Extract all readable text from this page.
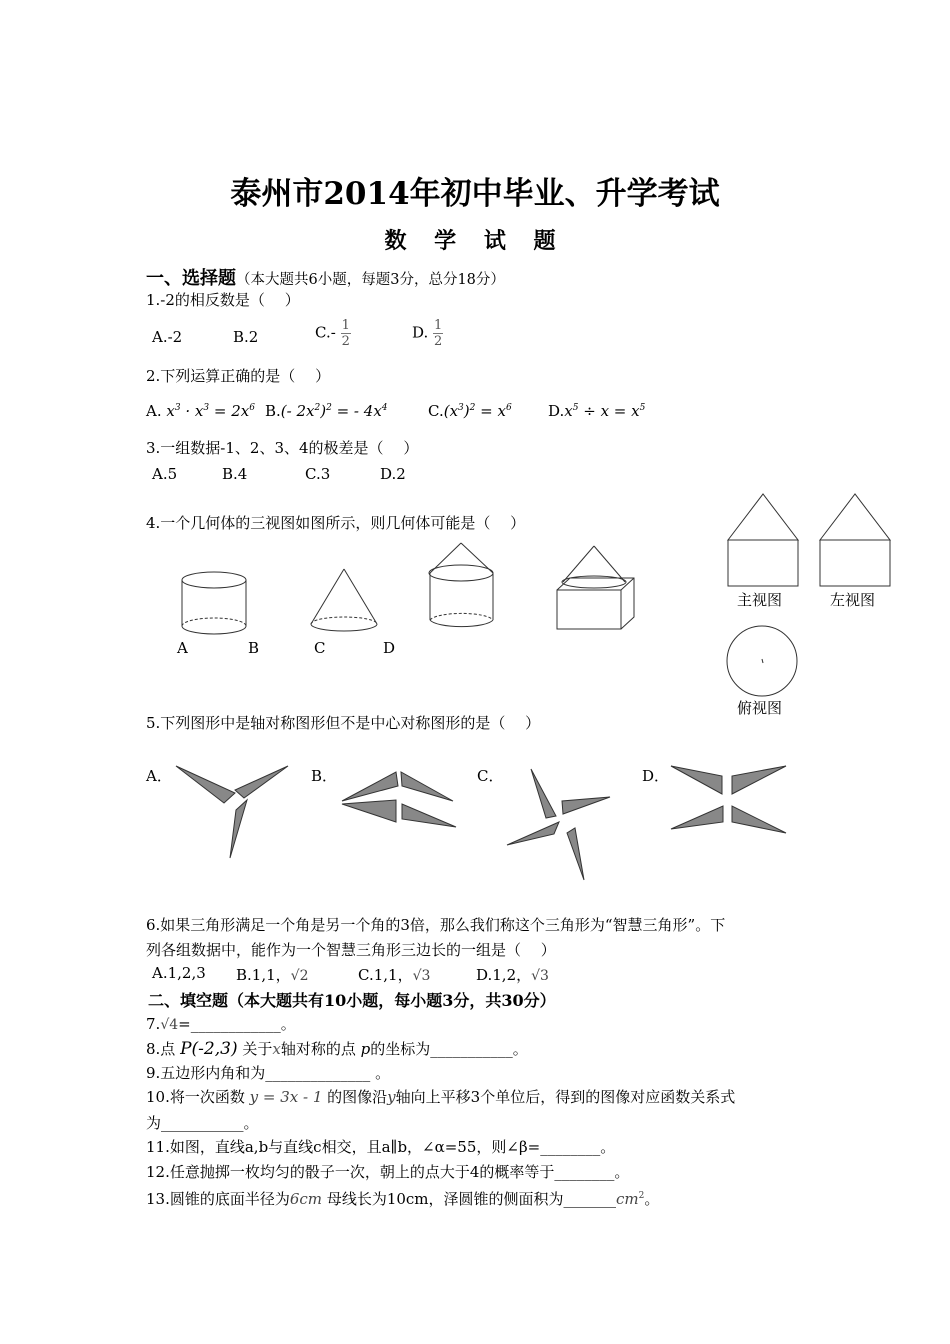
泰州市2014年初中毕业、升学考试
数 学 试 题
一、选择题（本大题共6小题，每题3分，总分18分）
1.-2的相反数是（　 ）
A.-2	B.2	$C.- \frac{1}{2}$	D. $\frac{1}{2}$
2.下列运算正确的是（　 ）
A. $x^3 \cdot x^3 = 2x^6$ B.(- $2x^2)^2$ = - $4x^4$	$C.(x^3)^2 = x^6$ $D.x^5 \div x = x^5$
3.一组数据-1、2、3、4的极差是（　 ）
A.5	B.4	C.3	D.2
4.一个几何体的三视图如图所示，则几何体可能是（　 ）
A	B	C	D
主视图	左视图
俯视图
5.下列图形中是轴对称图形但不是中心对称图形的是（　 ）
A．	B．	C．	D．
6.如果三角形满足一个角是另一个角的3倍，那么我们称这个三角形为“智慧三角形”。下
列各组数据中，能作为一个智慧三角形三边长的一组是（　 ）
A.1,2,3 B.1,1，√2	C.1,1，√3	D.1,2，√3
二、填空题（本大题共有10小题，每小题3分，共30分）
7.√4=____________。
8.点 P(-2,3) 关于x轴对称的点 p的坐标为___________。
9.五边形内角和为______________ 。
10.将一次函数 y = 3x - 1 的图像沿y轴向上平移3个单位后，得到的图像对应函数关系式
为___________。
11.如图，直线a,b与直线c相交，且a∥b，∠α=55，则∠β=________。
12.任意抛掷一枚均匀的骰子一次，朝上的点大于4的概率等于________。
13.圆锥的底面半径为6cm 母线长为10cm，泽圆锥的侧面积为$\_\_\_\_\_\_\_cm^2$。
